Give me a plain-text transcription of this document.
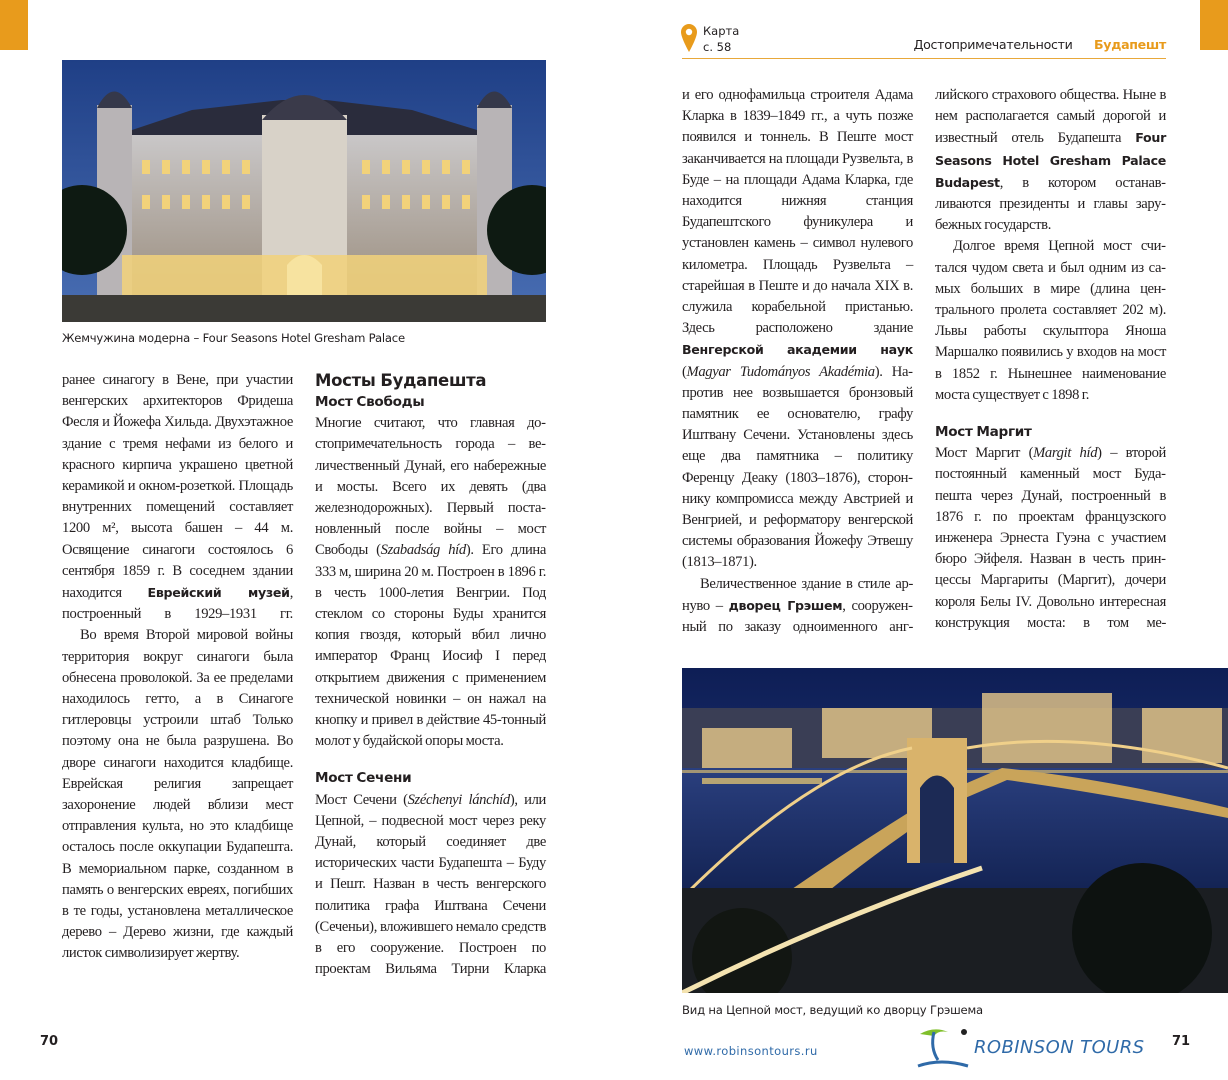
Жемчужина модерна – Four Seasons Hotel Gresham Palace

ранее синагогу в Вене, при участии венгерских архитекторов Фридеша Феcля и Йожефа Хильда. Двухэтажное здание с тремя нефами из белого и красного кирпича украшено цветной керамикой и окном-розеткой. Площадь внутренних помещений составляет 1200 м², высота башен – 44 м. Освящение синагоги состоялось 6 сентября 1859 г. В соседнем здании находится Еврейский музей, построенный в 1929–1931 гг.

Во время Второй мировой войны территория вокруг синагоги была обнесена проволокой. За ее пределами находилось гетто, а в Синагоге гитлеровцы устроили штаб Только поэтому она не была разрушена. Во дворе синагоги находится кладбище. Еврейская религия запрещает захоронение людей вблизи мест отправления культа, но это кладбище осталось после оккупации Будапешта. В мемориальном парке, созданном в память о венгерских евреях, погибших в те годы, установлена металлическое дерево – Дерево жизни, где каждый листок символизирует жертву.

Мосты Будапешта
Мост Свободы

Многие считают, что главная достопримечательность города – величественный Дунай, его набережные и мосты. Всего их девять (два железнодорожных). Первый постановленный после войны – мост Свободы (Szabadság híd). Его длина 333 м, ширина 20 м. Построен в 1896 г. в честь 1000-летия Венгрии. Под стеклом со стороны Буды хранится копия гвоздя, который вбил лично император Франц Иосиф I перед открытием движения с применением технической новинки – он нажал на кнопку и привел в действие 45-тонный молот у будайской опоры моста.

Мост Сечени

Мост Сечени (Széchenyi lánchíd), или Цепной, – подвесной мост через реку Дунай, который соединяет две исторических части Будапешта – Буду и Пешт. Назван в честь венгерского политика графа Иштвана Сечени (Сеченьи), вложившего немало средств в его сооружение. Построен по проектам Вильяма Тирни Кларка

70
Карта
с. 58	Достопримечательности Будапешт

и его однофамильца строителя Адама Кларка в 1839–1849 гг., а чуть позже появился и тоннель. В Пеште мост заканчивается на площади Рузвельта, в Буде – на площади Адама Кларка, где находится нижняя станция Будапештского фуникулера и установлен камень – символ нулевого километра. Площадь Рузвельта – старейшая в Пеште и до начала XIX в. служила корабельной пристанью. Здесь расположено здание Венгерской академии наук (Magyar Tudományos Akadémia). Напротив нее возвышается бронзовый памятник ее основателю, графу Иштвану Сечени. Установлены здесь еще два памятника – политику Ференцу Деаку (1803–1876), стороннику компромисса между Австрией и Венгрией, и реформатору венгерской системы образования Йожефу Этвешу (1813–1871).

Величественное здание в стиле ар-нуво – дворец Грэшем, сооруженный по заказу одноименного анг-

лийского страхового общества. Ныне в нем располагается самый дорогой и известный отель Будапешта Four Seasons Hotel Gresham Palace Budapest, в котором останавливаются президенты и главы зарубежных государств.

Долгое время Цепной мост считался чудом света и был одним из самых больших в мире (длина центрального пролета составляет 202 м). Львы работы скульптора Яноша Маршалко появились у входов на мост в 1852 г. Нынешнее наименование моста существует с 1898 г.

Мост Маргит

Мост Маргит (Margit híd) – второй постоянный каменный мост Будапешта через Дунай, построенный в 1876 г. по проектам французского инженера Эрнеста Гуэна с участием бюро Эйфеля. Назван в честь принцессы Маргариты (Маргит), дочери короля Белы IV. Довольно интересная конструкция моста: в том ме-

Вид на Цепной мост, ведущий ко дворцу Грэшема
www.robinsontours.ru	ROBINSON TOURS 71
